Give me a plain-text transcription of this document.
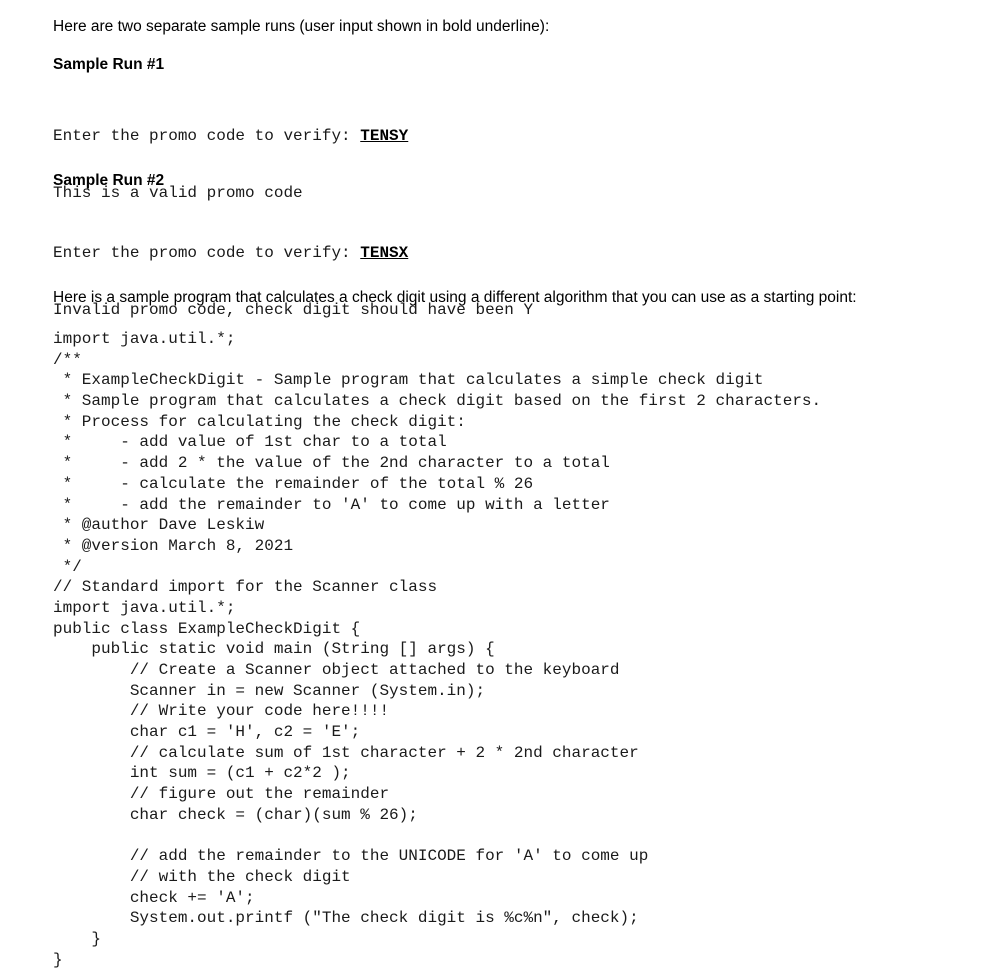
Here are two separate sample runs (user input shown in bold underline):
Sample Run #1

Enter the promo code to verify: TENSY

This is a valid promo code

Sample Run #2

Enter the promo code to verify: TENSX

Invalid promo code, check digit should have been Y

Here is a sample program that calculates a check digit using a different algorithm that you can use as a starting point:
import java.util.*;
/**
* ExampleCheckDigit - Sample program that calculates a simple check digit
* Sample program that calculates a check digit based on the first 2 characters.
* Process for calculating the check digit:
*     - add value of 1st char to a total
*     - add 2 * the value of the 2nd character to a total
*     - calculate the remainder of the total % 26
*     - add the remainder to 'A' to come up with a letter
* @author Dave Leskiw
* @version March 8, 2021
*/
// Standard import for the Scanner class
import java.util.*;
public class ExampleCheckDigit {
public static void main (String [] args) {
// Create a Scanner object attached to the keyboard
Scanner in = new Scanner (System.in);
// Write your code here!!!!
char c1 = 'H', c2 = 'E';
// calculate sum of 1st character + 2 * 2nd character
int sum = (c1 + c2*2 );
// figure out the remainder
char check = (char)(sum % 26);
// add the remainder to the UNICODE for 'A' to come up
// with the check digit
check += 'A';
System.out.printf ("The check digit is %c%n", check);
}
}
